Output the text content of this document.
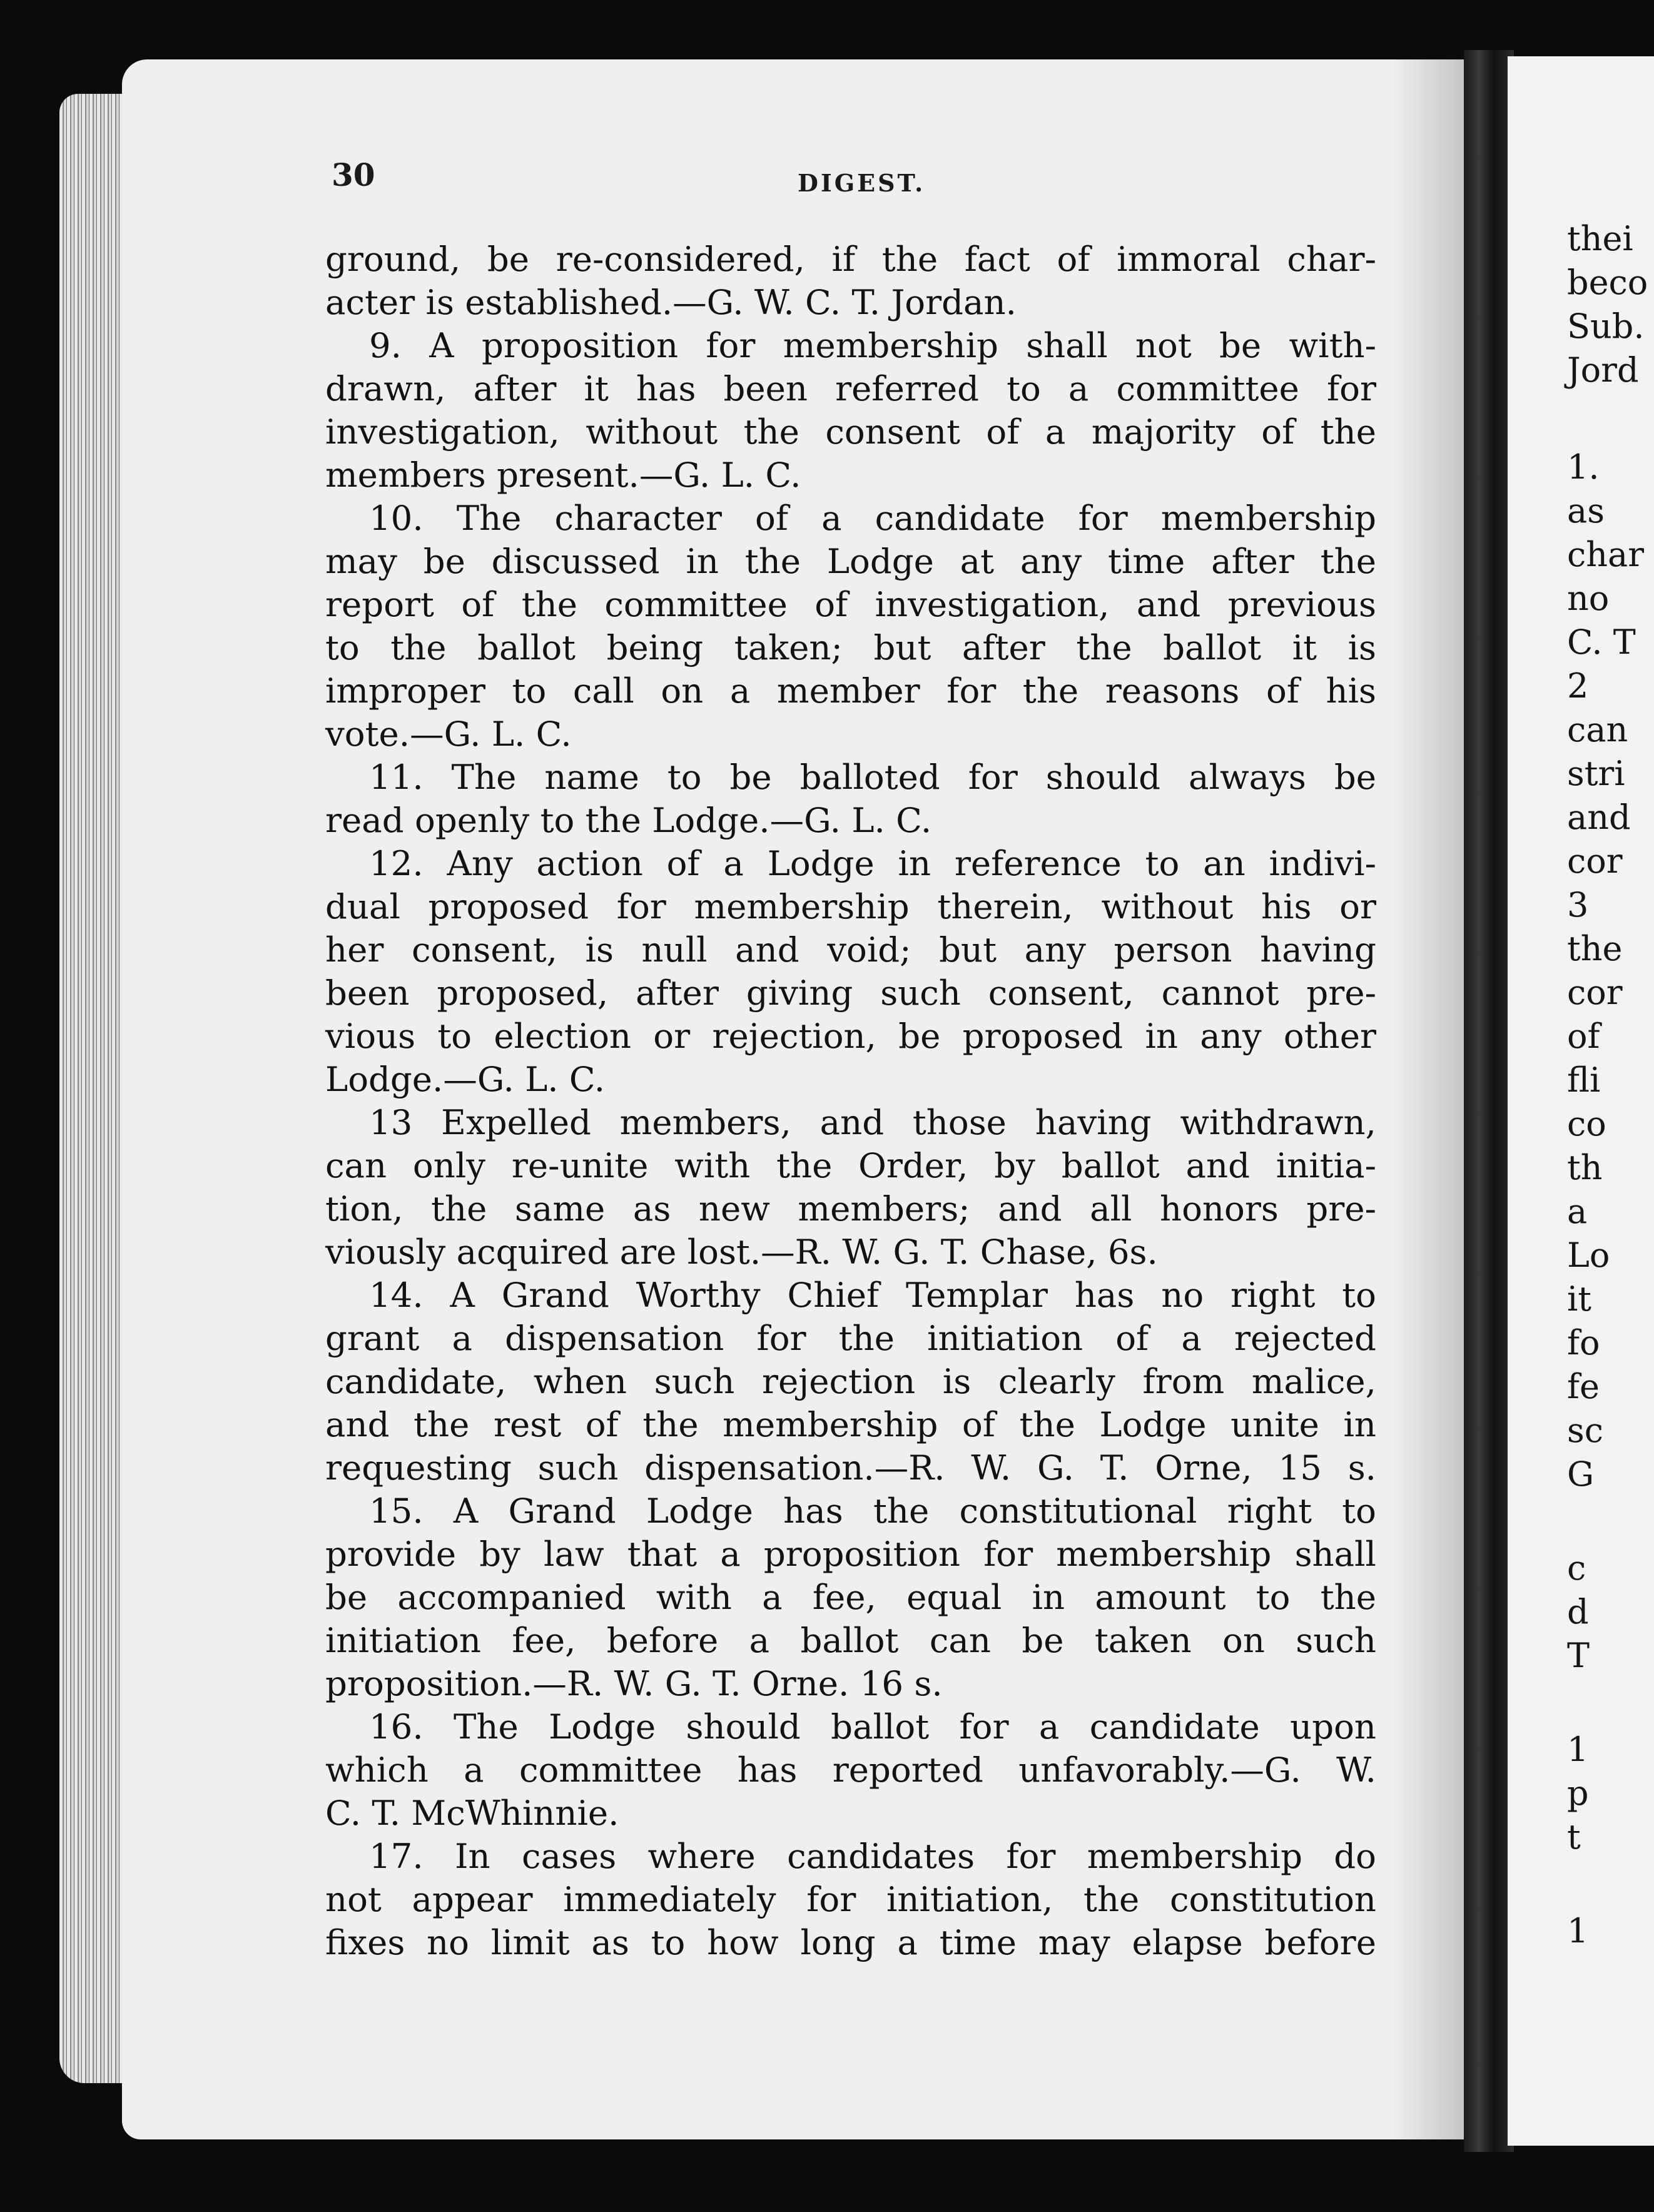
thei
beco
Sub.
Jord
1.
as
char
no
C. T
2
can
stri
and
cor
3
the
cor
of
fli
co
th
a
Lo
it
fo
fe
sc
G
c
d
T
1
p
t
1
30	DIGEST.
ground, be re-considered, if the fact of immoral char-
acter is established.—G. W. C. T. Jordan.
9. A proposition for membership shall not be with-
drawn, after it has been referred to a committee for
investigation, without the consent of a majority of the
members present.—G. L. C.
10. The character of a candidate for membership
may be discussed in the Lodge at any time after the
report of the committee of investigation, and previous
to the ballot being taken; but after the ballot it is
improper to call on a member for the reasons of his
vote.—G. L. C.
11. The name to be balloted for should always be
read openly to the Lodge.—G. L. C.
12. Any action of a Lodge in reference to an indivi-
dual proposed for membership therein, without his or
her consent, is null and void; but any person having
been proposed, after giving such consent, cannot pre-
vious to election or rejection, be proposed in any other
Lodge.—G. L. C.
13 Expelled members, and those having withdrawn,
can only re-unite with the Order, by ballot and initia-
tion, the same as new members; and all honors pre-
viously acquired are lost.—R. W. G. T. Chase, 6s.
14. A Grand Worthy Chief Templar has no right to
grant a dispensation for the initiation of a rejected
candidate, when such rejection is clearly from malice,
and the rest of the membership of the Lodge unite in
requesting such dispensation.—R. W. G. T. Orne, 15 s.
15. A Grand Lodge has the constitutional right to
provide by law that a proposition for membership shall
be accompanied with a fee, equal in amount to the
initiation fee, before a ballot can be taken on such
proposition.—R. W. G. T. Orne. 16 s.
16. The Lodge should ballot for a candidate upon
which a committee has reported unfavorably.—G. W.
C. T. McWhinnie.
17. In cases where candidates for membership do
not appear immediately for initiation, the constitution
fixes no limit as to how long a time may elapse before
